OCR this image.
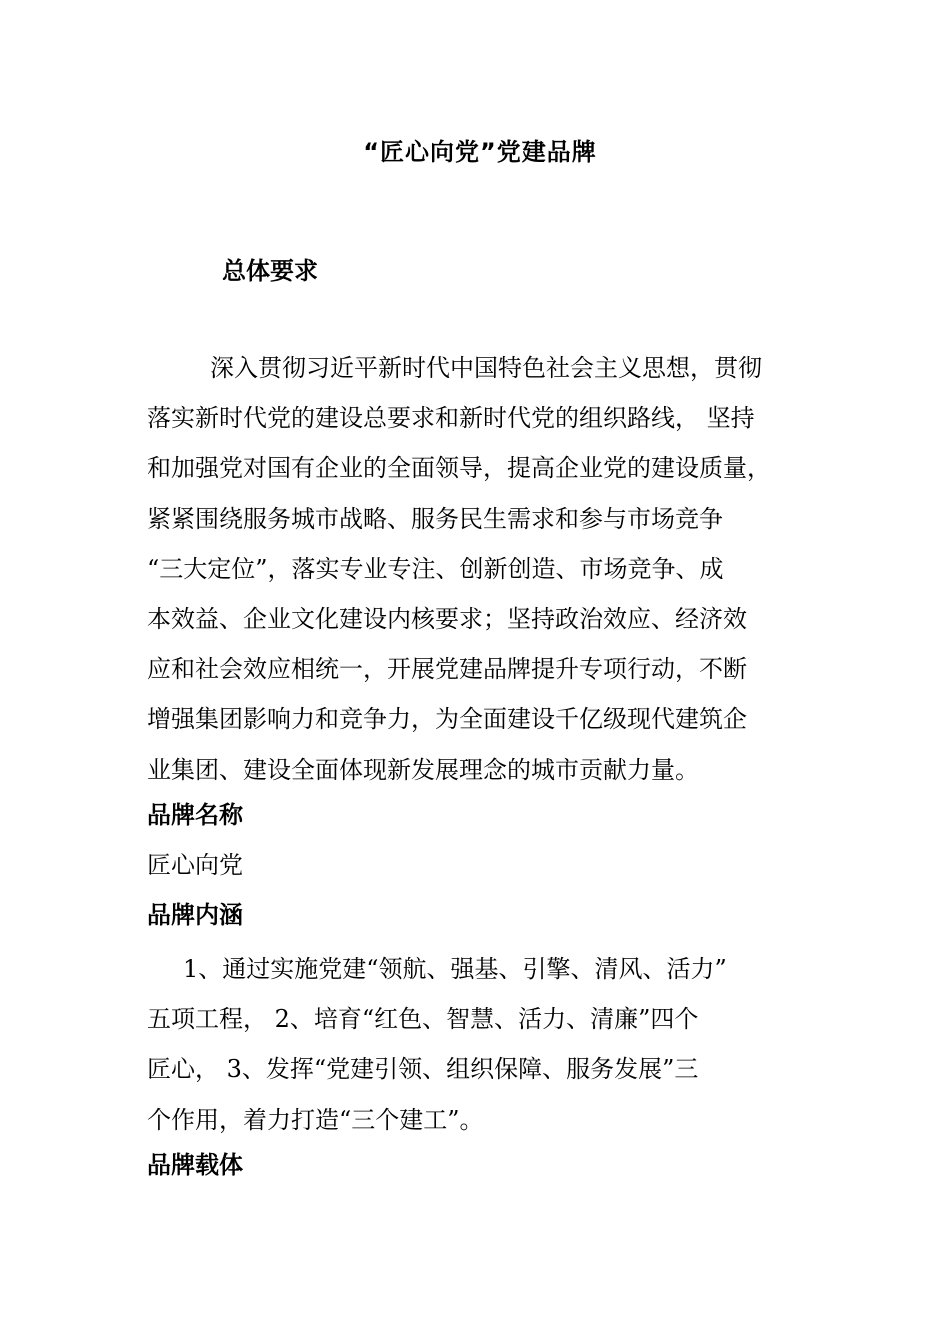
“匠心向党”党建品牌
总体要求
深入贯彻习近平新时代中国特色社会主义思想，贯彻
落实新时代党的建设总要求和新时代党的组织路线， 坚持
和加强党对国有企业的全面领导，提高企业党的建设质量，
紧紧围绕服务城市战略、服务民生需求和参与市场竞争
“三大定位”，落实专业专注、创新创造、市场竞争、成
本效益、企业文化建设内核要求；坚持政治效应、经济效
应和社会效应相统一，开展党建品牌提升专项行动，不断
增强集团影响力和竞争力，为全面建设千亿级现代建筑企
业集团、建设全面体现新发展理念的城市贡献力量。
品牌名称
匠心向党
品牌内涵
1、通过实施党建“领航、强基、引擎、清风、活力”
五项工程， 2、培育“红色、智慧、活力、清廉”四个
匠心， 3、发挥“党建引领、组织保障、服务发展”三
个作用，着力打造“三个建工”。
品牌载体
